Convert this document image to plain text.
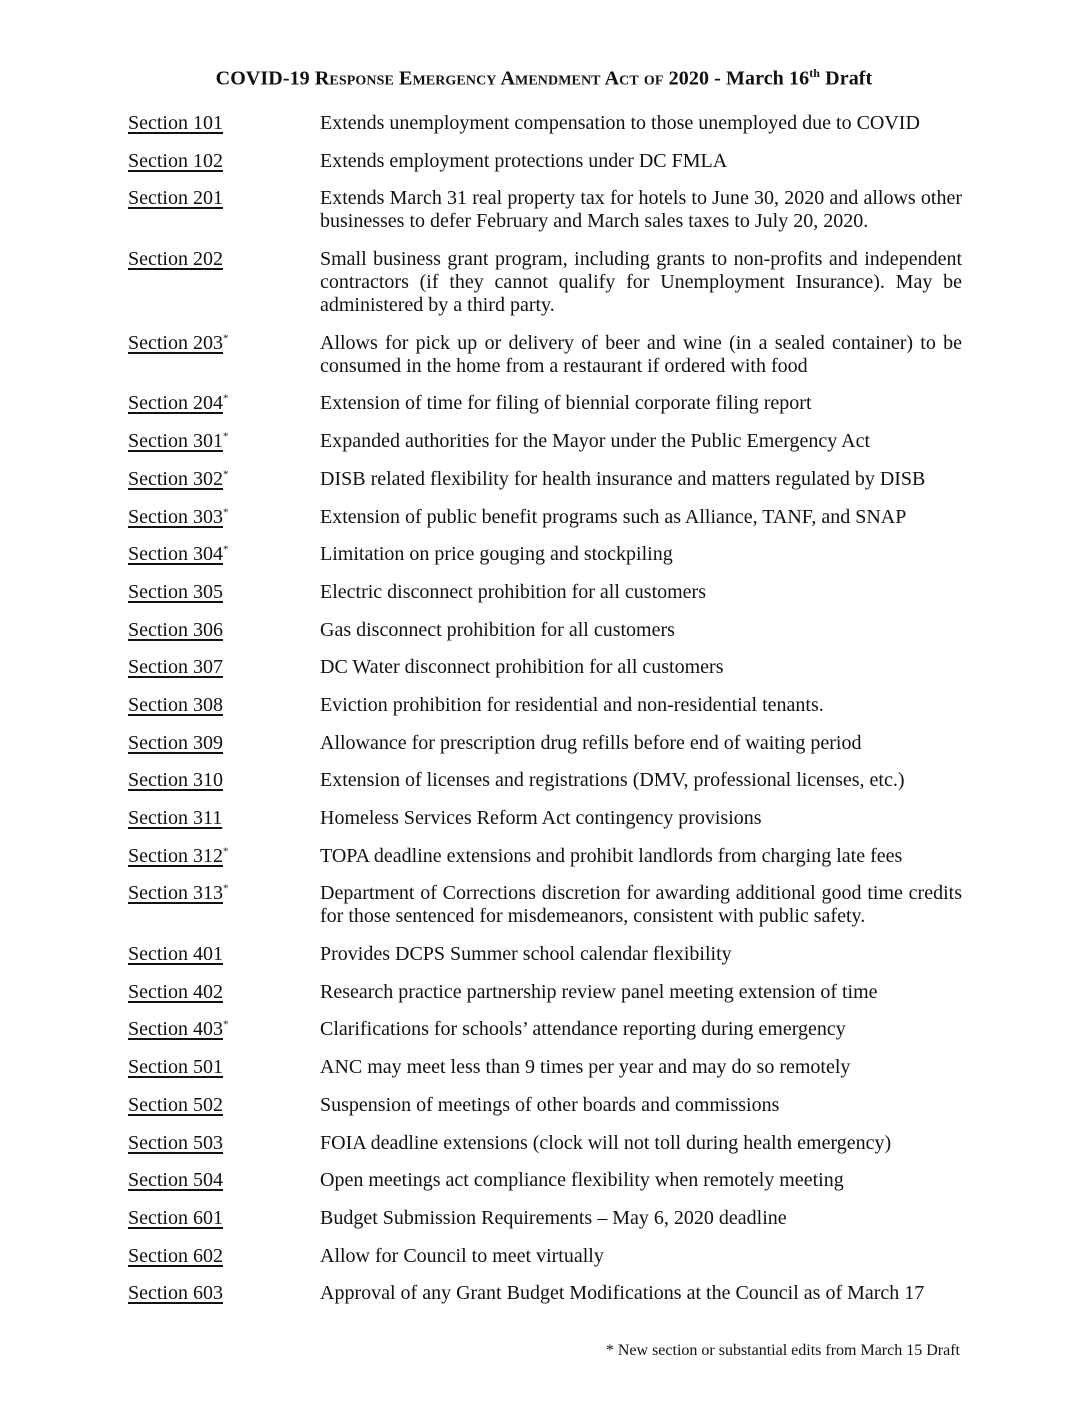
COVID-19 Response Emergency Amendment Act of 2020 - March 16th Draft
Section 101	Extends unemployment compensation to those unemployed due to COVID
Section 102	Extends employment protections under DC FMLA
Section 201	Extends March 31 real property tax for hotels to June 30, 2020 and allows other businesses to defer February and March sales taxes to July 20, 2020.
Section 202	Small business grant program, including grants to non-profits and independent contractors (if they cannot qualify for Unemployment Insurance). May be administered by a third party.
Section 203*	Allows for pick up or delivery of beer and wine (in a sealed container) to be consumed in the home from a restaurant if ordered with food
Section 204*	Extension of time for filing of biennial corporate filing report
Section 301*	Expanded authorities for the Mayor under the Public Emergency Act
Section 302*	DISB related flexibility for health insurance and matters regulated by DISB
Section 303*	Extension of public benefit programs such as Alliance, TANF, and SNAP
Section 304*	Limitation on price gouging and stockpiling
Section 305	Electric disconnect prohibition for all customers
Section 306	Gas disconnect prohibition for all customers
Section 307	DC Water disconnect prohibition for all customers
Section 308	Eviction prohibition for residential and non-residential tenants.
Section 309	Allowance for prescription drug refills before end of waiting period
Section 310	Extension of licenses and registrations (DMV, professional licenses, etc.)
Section 311	Homeless Services Reform Act contingency provisions
Section 312*	TOPA deadline extensions and prohibit landlords from charging late fees
Section 313*	Department of Corrections discretion for awarding additional good time credits for those sentenced for misdemeanors, consistent with public safety.
Section 401	Provides DCPS Summer school calendar flexibility
Section 402	Research practice partnership review panel meeting extension of time
Section 403*	Clarifications for schools’ attendance reporting during emergency
Section 501	ANC may meet less than 9 times per year and may do so remotely
Section 502	Suspension of meetings of other boards and commissions
Section 503	FOIA deadline extensions (clock will not toll during health emergency)
Section 504	Open meetings act compliance flexibility when remotely meeting
Section 601	Budget Submission Requirements – May 6, 2020 deadline
Section 602	Allow for Council to meet virtually
Section 603	Approval of any Grant Budget Modifications at the Council as of March 17
* New section or substantial edits from March 15 Draft
